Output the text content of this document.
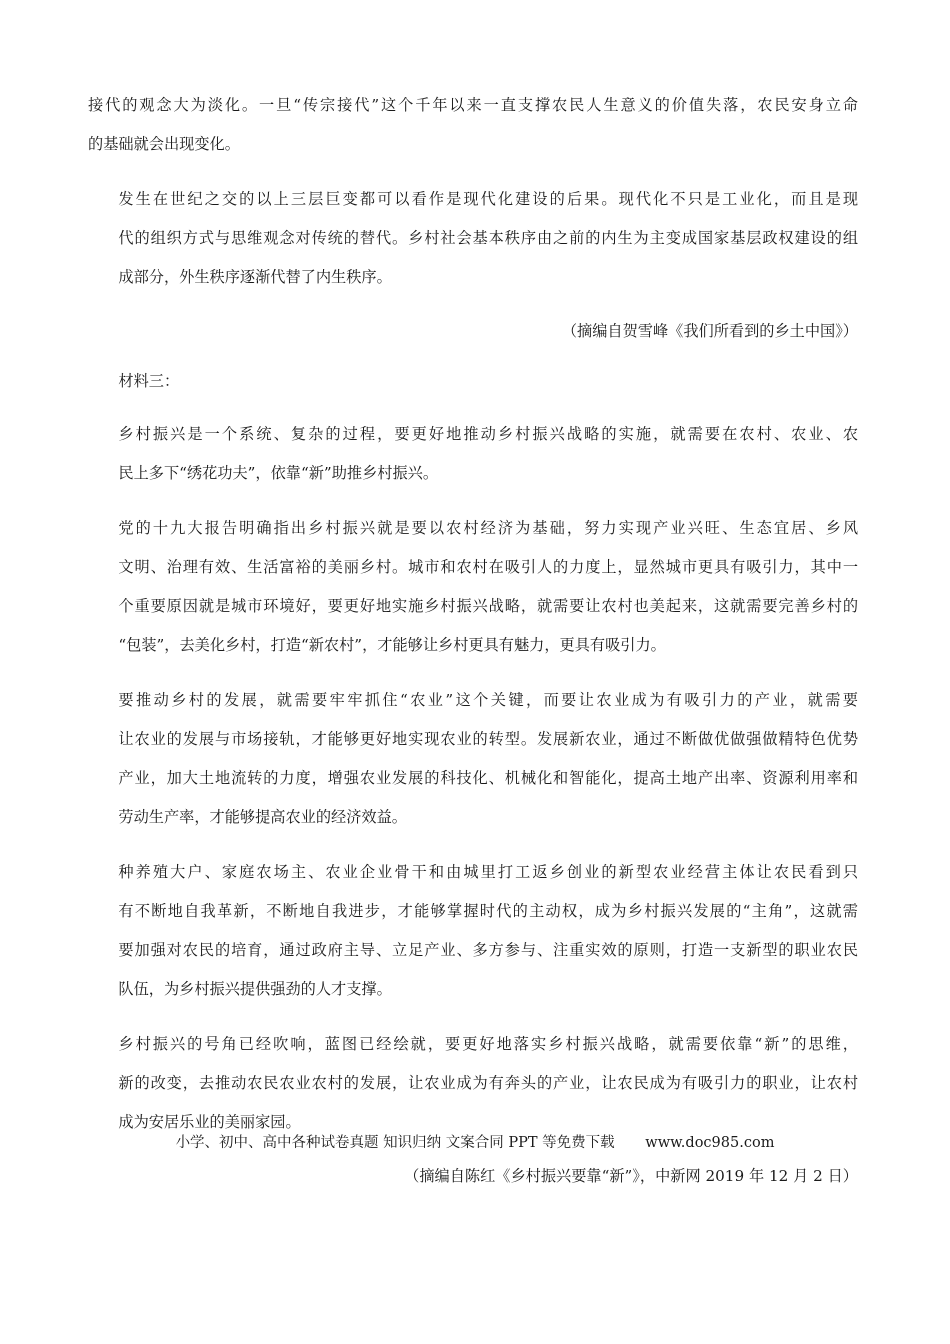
接代的观念大为淡化。一旦“传宗接代”这个千年以来一直支撑农民人生意义的价值失落，农民安身立命
的基础就会出现变化。

发生在世纪之交的以上三层巨变都可以看作是现代化建设的后果。现代化不只是工业化，而且是现
代的组织方式与思维观念对传统的替代。乡村社会基本秩序由之前的内生为主变成国家基层政权建设的组
成部分，外生秩序逐渐代替了内生秩序。

（摘编自贺雪峰《我们所看到的乡土中国》）

材料三：

乡村振兴是一个系统、复杂的过程，要更好地推动乡村振兴战略的实施，就需要在农村、农业、农
民上多下“绣花功夫”，依靠“新”助推乡村振兴。

党的十九大报告明确指出乡村振兴就是要以农村经济为基础，努力实现产业兴旺、生态宜居、乡风
文明、治理有效、生活富裕的美丽乡村。城市和农村在吸引人的力度上，显然城市更具有吸引力，其中一
个重要原因就是城市环境好，要更好地实施乡村振兴战略，就需要让农村也美起来，这就需要完善乡村的
“包装”，去美化乡村，打造“新农村”，才能够让乡村更具有魅力，更具有吸引力。

要推动乡村的发展，就需要牢牢抓住“农业”这个关键，而要让农业成为有吸引力的产业，就需要
让农业的发展与市场接轨，才能够更好地实现农业的转型。发展新农业，通过不断做优做强做精特色优势
产业，加大土地流转的力度，增强农业发展的科技化、机械化和智能化，提高土地产出率、资源利用率和
劳动生产率，才能够提高农业的经济效益。

种养殖大户、家庭农场主、农业企业骨干和由城里打工返乡创业的新型农业经营主体让农民看到只
有不断地自我革新，不断地自我进步，才能够掌握时代的主动权，成为乡村振兴发展的“主角”，这就需
要加强对农民的培育，通过政府主导、立足产业、多方参与、注重实效的原则，打造一支新型的职业农民
队伍，为乡村振兴提供强劲的人才支撑。

乡村振兴的号角已经吹响，蓝图已经绘就，要更好地落实乡村振兴战略，就需要依靠“新”的思维，
新的改变，去推动农民农业农村的发展，让农业成为有奔头的产业，让农民成为有吸引力的职业，让农村
成为安居乐业的美丽家园。

（摘编自陈红《乡村振兴要靠“新”》，中新网 2019 年 12 月 2 日）

小学、初中、高中各种试卷真题 知识归纳 文案合同 PPT 等免费下载 www.doc985.com
